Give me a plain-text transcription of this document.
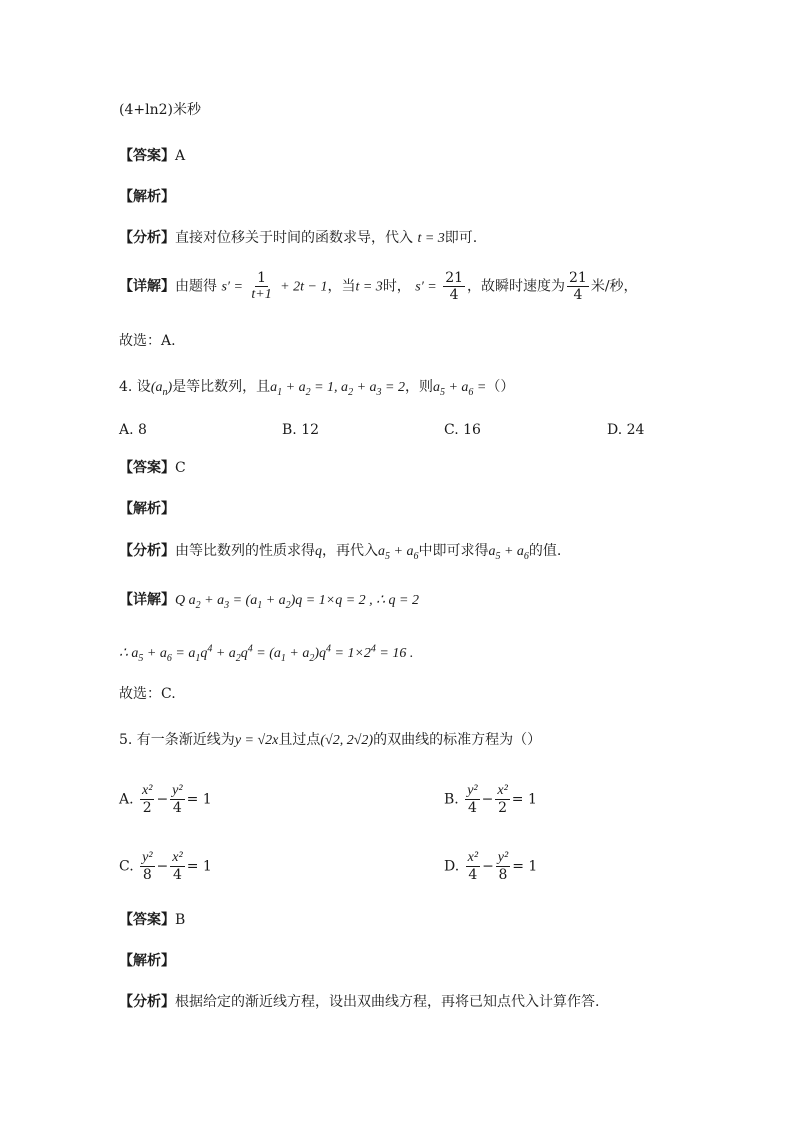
(4+ln2)米秒
【答案】A
【解析】
【分析】直接对位移关于时间的函数求导，代入 t = 3即可.
【详解】由题得 $s' = \frac{1}{t+1} + 2t - 1$，当t = 3时， $s' = \frac{21}{4}$ ，故瞬时速度为 $\frac{21}{4}$ 米/秒，
故选：A.
4. 设$(a_n)$是等比数列，且$a_1 + a_2 = 1$, $a_2 + a_3 = 2$，则$a_5 + a_6$ =（）
A. 8	B. 12	C. 16	D. 24
【答案】C
【解析】
【分析】由等比数列的性质求得q，再代入$a_5 + a_6$中即可求得$a_5 + a_6$的值.
【详解】Q $a_2 + a_3 = (a_1 + a_2)q = 1\times q = 2$ , ∴ q = 2
∴ $a_5 + a_6 = a_1q^4 + a_2q^4 = (a_1 + a_2)q^4 = 1\times 2^4 = 16$ .
故选：C.
5. 有一条渐近线为y = √2x且过点(√2, 2√2)的双曲线的标准方程为（）
A. $\frac{\text{x²}}{2} - \frac{\text{y²}}{4} = 1$	B. $\frac{\text{y²}}{4} - \frac{\text{x²}}{2} = 1$
C. $\frac{\text{y²}}{8} - \frac{\text{x²}}{4} = 1$	D. $\frac{\text{x²}}{4} - \frac{\text{y²}}{8} = 1$
【答案】B
【解析】
【分析】根据给定的渐近线方程，设出双曲线方程，再将已知点代入计算作答.
